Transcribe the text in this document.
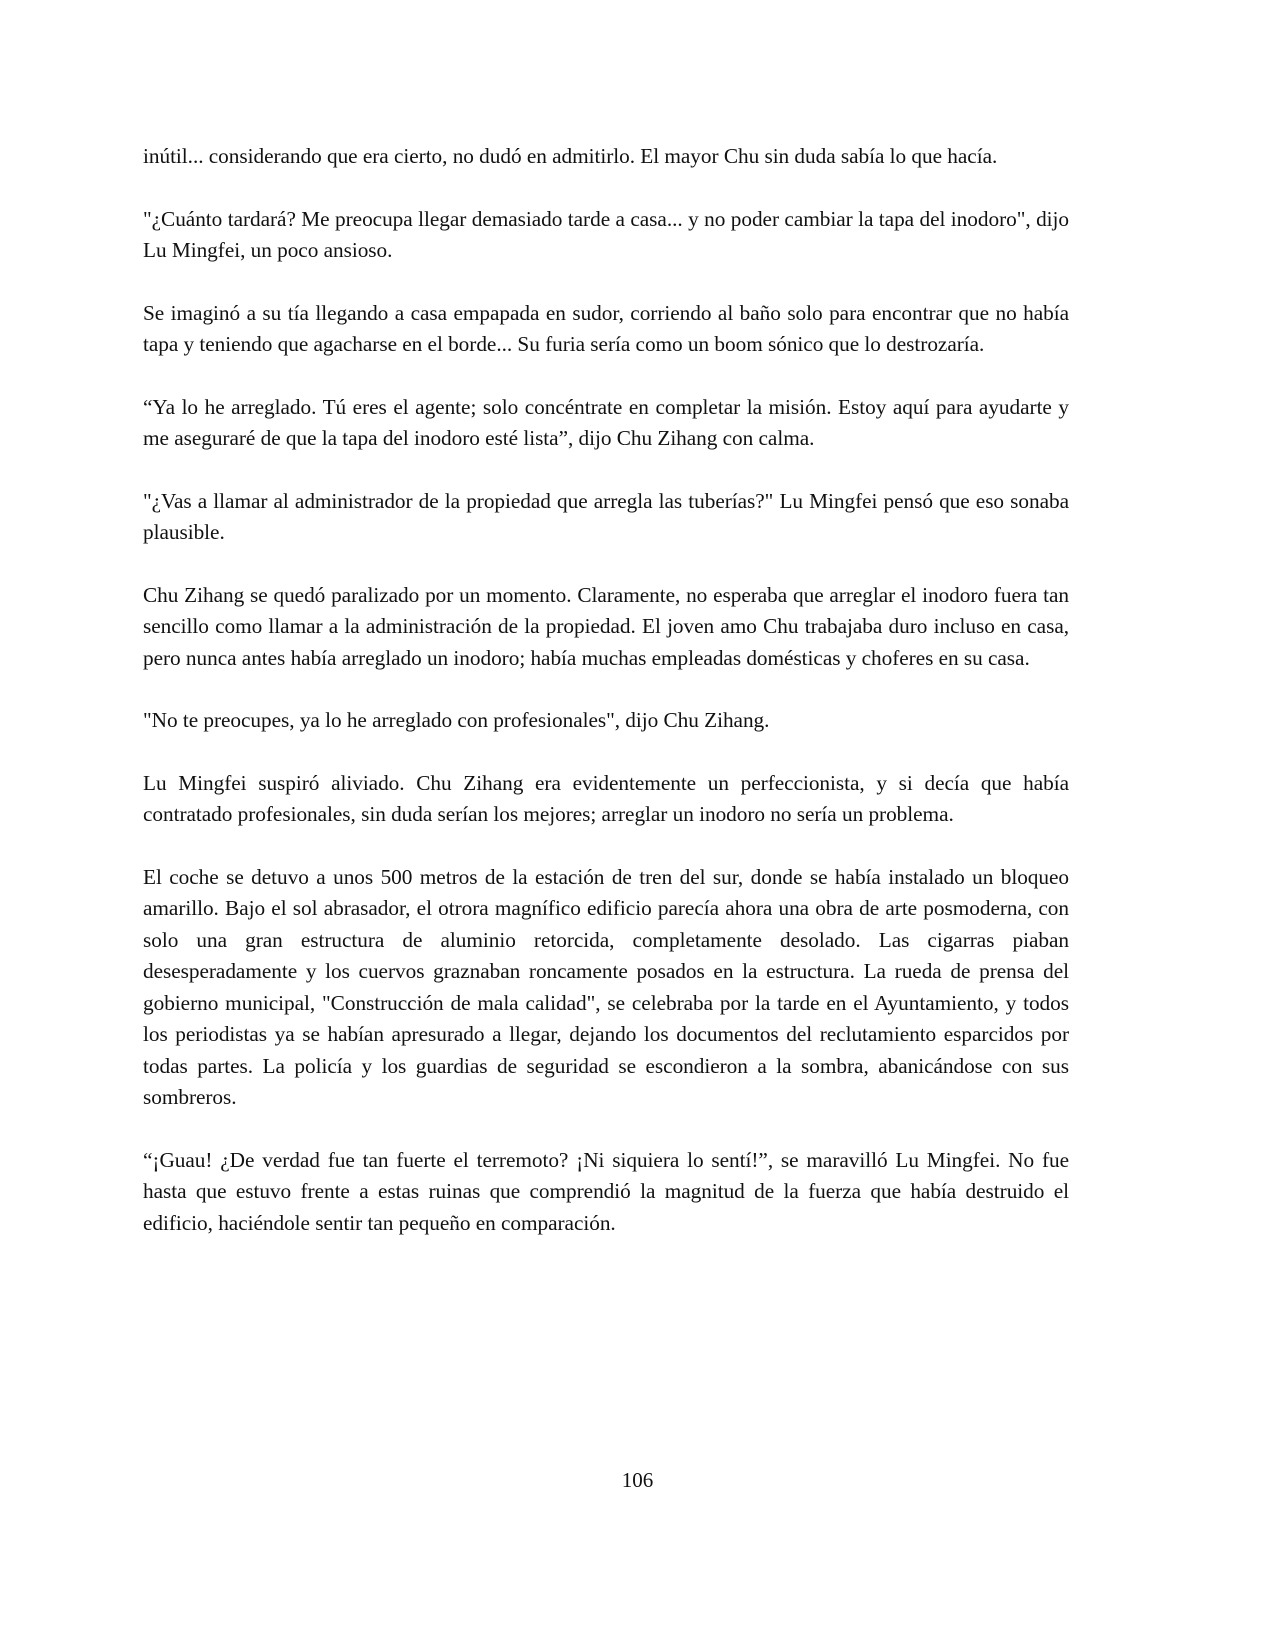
inútil... considerando que era cierto, no dudó en admitirlo. El mayor Chu sin duda sabía lo que hacía.

"¿Cuánto tardará? Me preocupa llegar demasiado tarde a casa... y no poder cambiar la tapa del inodoro", dijo Lu Mingfei, un poco ansioso.

Se imaginó a su tía llegando a casa empapada en sudor, corriendo al baño solo para encontrar que no había tapa y teniendo que agacharse en el borde... Su furia sería como un boom sónico que lo destrozaría.

“Ya lo he arreglado. Tú eres el agente; solo concéntrate en completar la misión. Estoy aquí para ayudarte y me aseguraré de que la tapa del inodoro esté lista”, dijo Chu Zihang con calma.

"¿Vas a llamar al administrador de la propiedad que arregla las tuberías?" Lu Mingfei pensó que eso sonaba plausible.

Chu Zihang se quedó paralizado por un momento. Claramente, no esperaba que arreglar el inodoro fuera tan sencillo como llamar a la administración de la propiedad. El joven amo Chu trabajaba duro incluso en casa, pero nunca antes había arreglado un inodoro; había muchas empleadas domésticas y choferes en su casa.

"No te preocupes, ya lo he arreglado con profesionales", dijo Chu Zihang.

Lu Mingfei suspiró aliviado. Chu Zihang era evidentemente un perfeccionista, y si decía que había contratado profesionales, sin duda serían los mejores; arreglar un inodoro no sería un problema.

El coche se detuvo a unos 500 metros de la estación de tren del sur, donde se había instalado un bloqueo amarillo. Bajo el sol abrasador, el otrora magnífico edificio parecía ahora una obra de arte posmoderna, con solo una gran estructura de aluminio retorcida, completamente desolado. Las cigarras piaban desesperadamente y los cuervos graznaban roncamente posados en la estructura. La rueda de prensa del gobierno municipal, "Construcción de mala calidad", se celebraba por la tarde en el Ayuntamiento, y todos los periodistas ya se habían apresurado a llegar, dejando los documentos del reclutamiento esparcidos por todas partes. La policía y los guardias de seguridad se escondieron a la sombra, abanicándose con sus sombreros.

“¡Guau! ¿De verdad fue tan fuerte el terremoto? ¡Ni siquiera lo sentí!”, se maravilló Lu Mingfei. No fue hasta que estuvo frente a estas ruinas que comprendió la magnitud de la fuerza que había destruido el edificio, haciéndole sentir tan pequeño en comparación.

106
